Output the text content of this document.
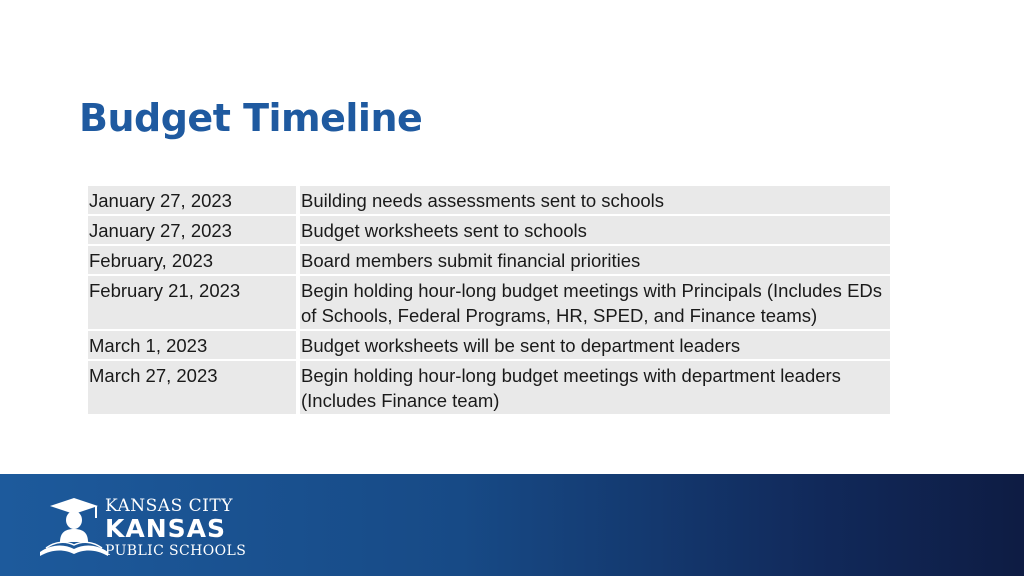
Budget Timeline
January 27, 2023	Building needs assessments sent to schools
January 27, 2023	Budget worksheets sent to schools
February, 2023	Board members submit financial priorities
February 21, 2023	Begin holding hour-long budget meetings with Principals (Includes EDs of Schools, Federal Programs, HR, SPED, and Finance teams)
March 1, 2023	Budget worksheets will be sent to department leaders
March 27, 2023	Begin holding hour-long budget meetings with department leaders (Includes Finance team)
KANSAS CITY
KANSAS
PUBLIC SCHOOLS
